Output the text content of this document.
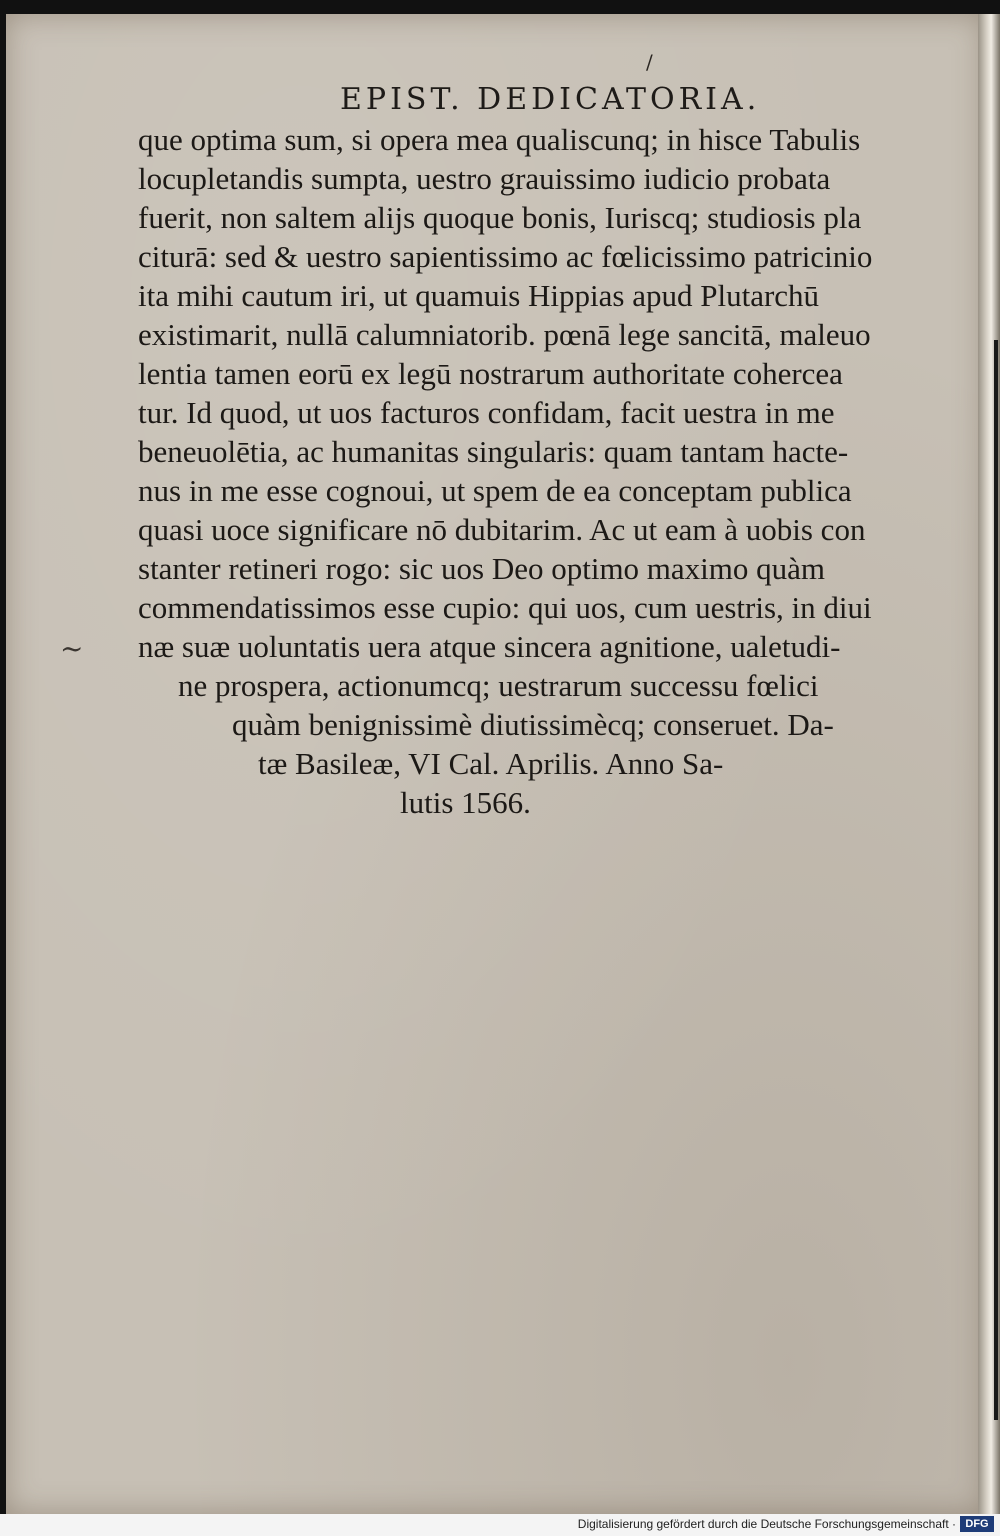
/
EPIST. DEDICATORIA.
~
que optima sum, si opera mea qualiscunq; in hisce Tabulis
locupletandis sumpta, uestro grauissimo iudicio probata
fuerit, non saltem alijs quoque bonis, Iuriscq; studiosis pla
citurā: sed & uestro sapientissimo ac fœlicissimo patricinio
ita mihi cautum iri, ut quamuis Hippias apud Plutarchū
existimarit, nullā calumniatorib. pœnā lege sancitā, maleuo
lentia tamen eorū ex legū nostrarum authoritate cohercea
tur. Id quod, ut uos facturos confidam, facit uestra in me
beneuolētia, ac humanitas singularis: quam tantam hacte-
nus in me esse cognoui, ut spem de ea conceptam publica
quasi uoce significare nō dubitarim. Ac ut eam à uobis con
stanter retineri rogo: sic uos Deo optimo maximo quàm
commendatissimos esse cupio: qui uos, cum uestris, in diui
næ suæ uoluntatis uera atque sincera agnitione, ualetudi-
ne prospera, actionumcq; uestrarum successu fœlici
quàm benignissimè diutissimècq; conseruet. Da-
tæ Basileæ, VI Cal. Aprilis. Anno Sa-
lutis 1566.
Digitalisierung gefördert durch die Deutsche Forschungsgemeinschaft · DFG
